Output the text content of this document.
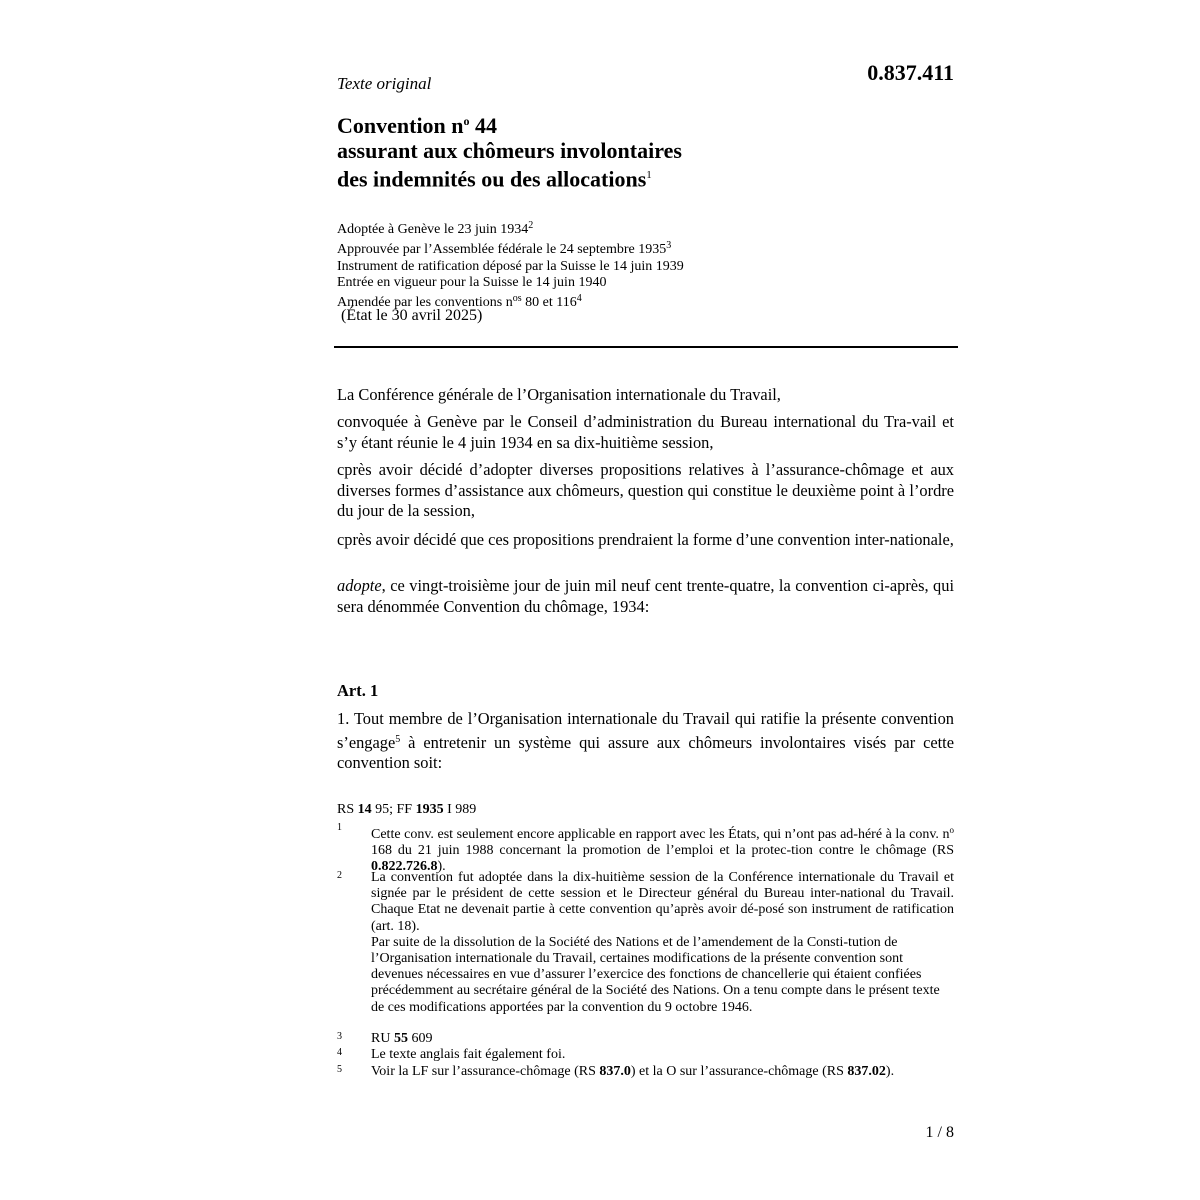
Texte original	0.837.411
Convention $n^o$ 44
assurant aux chômeurs involontaires
des indemnités ou des allocations$^1$
Adoptée à Genève le 23 juin 1934$^2$
Approuvée par l’Assemblée fédérale le 24 septembre 1935$^3$
Instrument de ratification déposé par la Suisse le 14 juin 1939
Entrée en vigueur pour la Suisse le 14 juin 1940
Amendée par les conventions n$^{os}$ 80 et 116$^4$
(État le 30 avril 2025)
La Conférence générale de l’Organisation internationale du Travail,
convoquée à Genève par le Conseil d’administration du Bureau international du Tra-vail et s’y étant réunie le 4 juin 1934 en sa dix-huitième session,
cprès avoir décidé d’adopter diverses propositions relatives à l’assurance-chômage et aux diverses formes d’assistance aux chômeurs, question qui constitue le deuxième point à l’ordre du jour de la session,
cprès avoir décidé que ces propositions prendraient la forme d’une convention inter-nationale,
adopte, ce vingt-troisième jour de juin mil neuf cent trente-quatre, la convention ci-après, qui sera dénommée Convention du chômage, 1934:
Art. 1
1. Tout membre de l’Organisation internationale du Travail qui ratifie la présente convention s’engage$^5$ à entretenir un système qui assure aux chômeurs involontaires visés par cette convention soit:
RS 14 95; FF 1935 I 989
1 Cette conv. est seulement encore applicable en rapport avec les États, qui n’ont pas ad-héré à la conv. $n^o$ 168 du 21 juin 1988 concernant la promotion de l’emploi et la protec-tion contre le chômage (RS 0.822.726.8).
2 La convention fut adoptée dans la dix-huitième session de la Conférence internationale du Travail et signée par le président de cette session et le Directeur général du Bureau inter-national du Travail. Chaque Etat ne devenait partie à cette convention qu’après avoir dé-posé son instrument de ratification (art. 18).
Par suite de la dissolution de la Société des Nations et de l’amendement de la Consti-tution de l’Organisation internationale du Travail, certaines modifications de la présente convention sont devenues nécessaires en vue d’assurer l’exercice des fonctions de chancellerie qui étaient confiées précédemment au secrétaire général de la Société des Nations. On a tenu compte dans le présent texte de ces modifications apportées par la convention du 9 octobre 1946.
3 RU 55 609
4 Le texte anglais fait également foi.
5 Voir la LF sur l’assurance-chômage (RS 837.0) et la O sur l’assurance-chômage (RS 837.02).
1 / 8
